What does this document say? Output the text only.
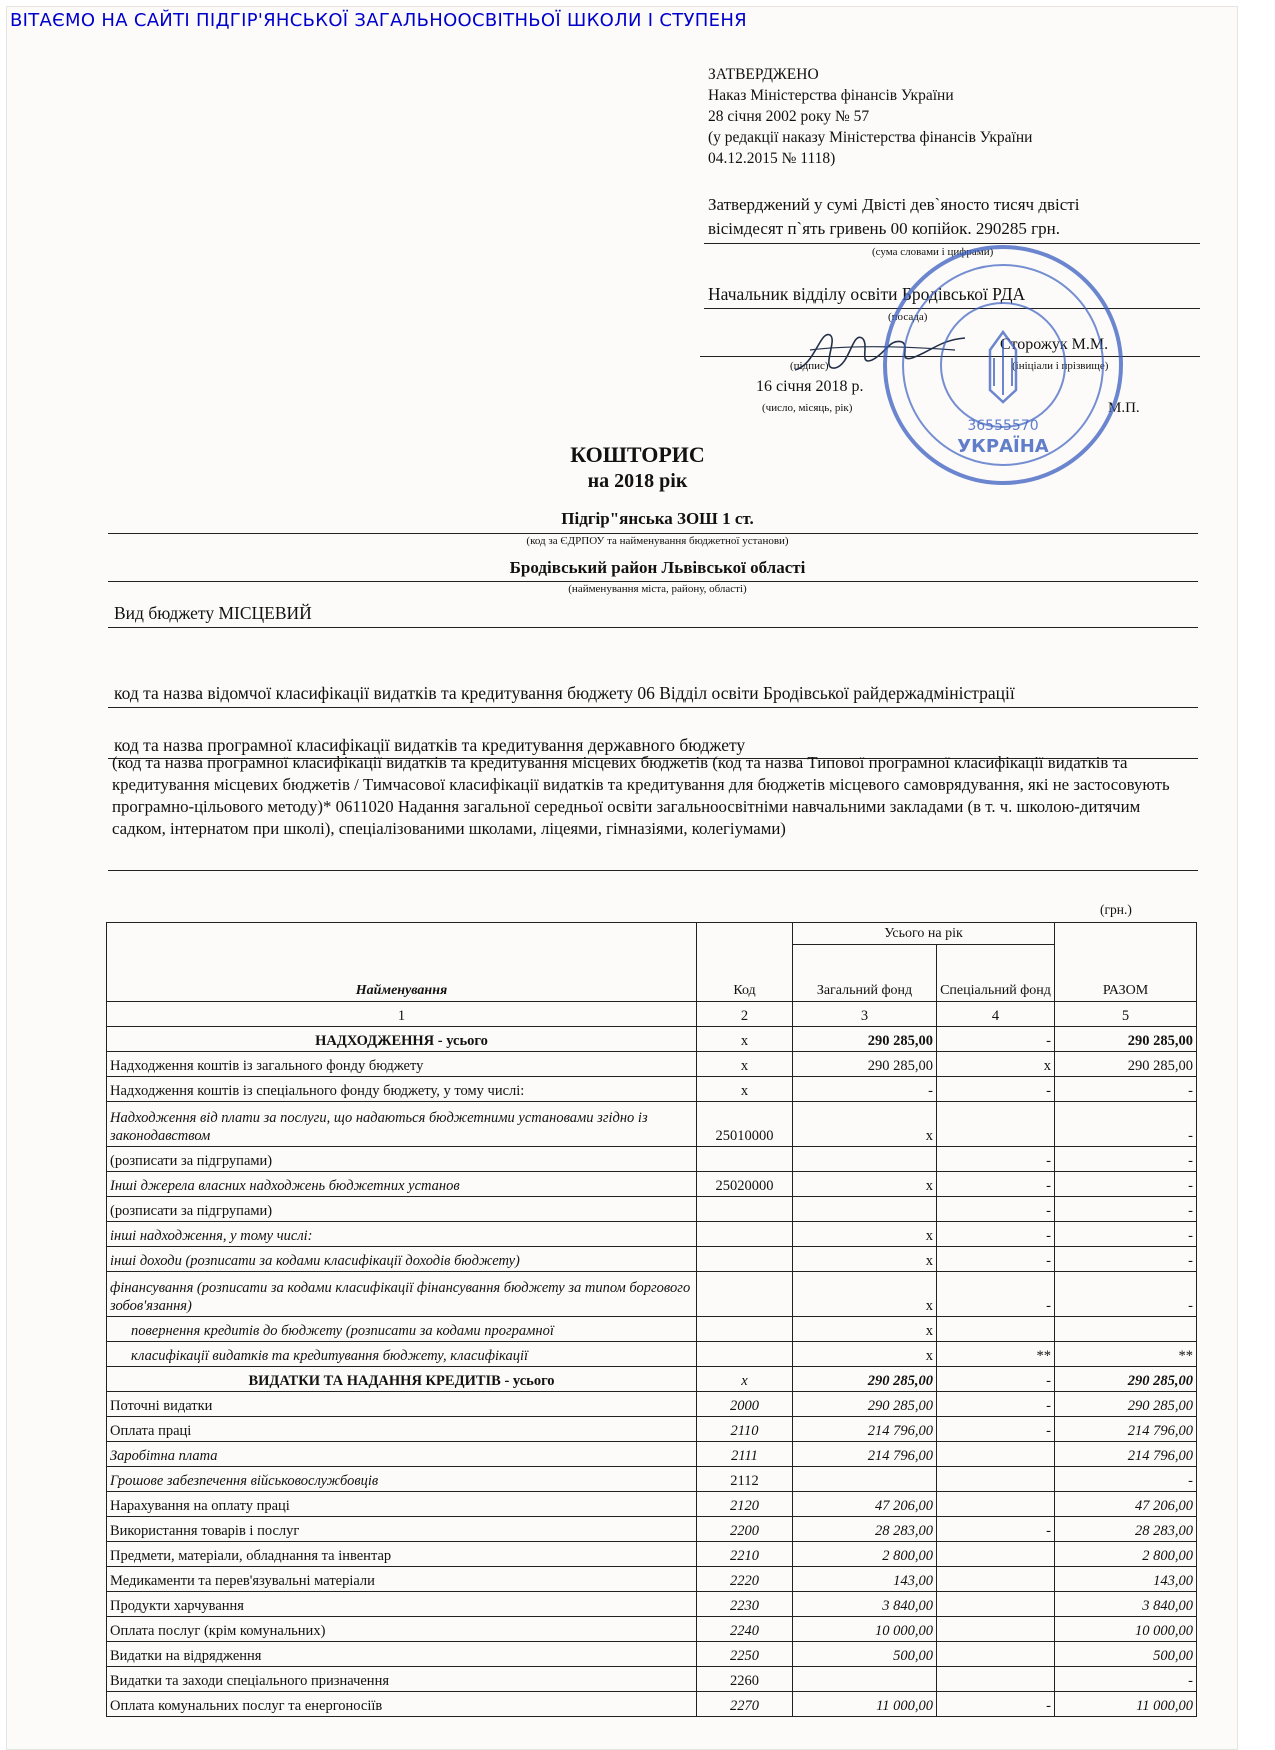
ВІТАЄМО НА САЙТІ ПІДГІР'ЯНСЬКОЇ ЗАГАЛЬНООСВІТНЬОЇ ШКОЛИ І СТУПЕНЯ
ЗАТВЕРДЖЕНО
Наказ Міністерства фінансів України
28 січня 2002 року № 57
(у редакції наказу Міністерства фінансів України
04.12.2015 № 1118)
Затверджений у сумі Двісті дев`яносто тисяч двісті
вісімдесят п`ять гривень 00 копійок. 290285 грн.
(сума словами і цифрами)
Начальник відділу освіти Бродівської РДА
(посада)
Сторожук М.М.
(підпис)	(ініціали і прізвище)
16 січня 2018 р.
(число, місяць, рік)	М.П.
36555570
УКРАЇНА
КОШТОРИС
на 2018 рік
Підгір"янська ЗОШ 1 ст.
(код за ЄДРПОУ та найменування бюджетної установи)
Бродівський район Львівської області
(найменування міста, району, області)
Вид бюджету МІСЦЕВИЙ
код та назва відомчої класифікації видатків та кредитування бюджету 06 Відділ освіти Бродівської райдержадміністрації
код та назва програмної класифікації видатків та кредитування державного бюджету
(код та назва програмної класифікації видатків та кредитування місцевих бюджетів (код та назва Типової програмної класифікації видатків та кредитування місцевих бюджетів / Тимчасової класифікації видатків та кредитування для бюджетів місцевого самоврядування, які не застосовують програмно-цільового методу)* 0611020 Надання загальної середньої освіти загальноосвітніми навчальними закладами (в т. ч. школою-дитячим садком, інтернатом при школі), спеціалізованими школами, ліцеями, гімназіями, колегіумами)
(грн.)
Найменування	Код	Усього на рік		РАЗОМ
		Загальний фонд	Спеціальний фонд	
1	2	3	4	5
НАДХОДЖЕННЯ - усього	х	290 285,00	-	290 285,00
Надходження коштів із загального фонду бюджету	х	290 285,00	х	290 285,00
Надходження коштів із спеціального фонду бюджету, у тому числі:	х	-	-	-
Надходження від плати за послуги, що надаються бюджетними установами згідно із законодавством	25010000	х		-
(розписати за підгрупами)			-	-
Інші джерела власних надходжень бюджетних установ	25020000	х	-	-
(розписати за підгрупами)			-	-
інші надходження, у тому числі:		х	-	-
інші доходи (розписати за кодами класифікації доходів бюджету)		х	-	-
фінансування (розписати за кодами класифікації фінансування бюджету за типом боргового зобов'язання)		х	-	-
повернення кредитів до бюджету (розписати за кодами програмної		х		
класифікації видатків та кредитування бюджету, класифікації		х	**	**
ВИДАТКИ ТА НАДАННЯ КРЕДИТІВ - усього	х	290 285,00	-	290 285,00
Поточні видатки	2000	290 285,00	-	290 285,00
Оплата праці	2110	214 796,00	-	214 796,00
Заробітна плата	2111	214 796,00		214 796,00
Грошове забезпечення військовослужбовців	2112			-
Нарахування на оплату праці	2120	47 206,00		47 206,00
Використання товарів і послуг	2200	28 283,00	-	28 283,00
Предмети, матеріали, обладнання та інвентар	2210	2 800,00		2 800,00
Медикаменти та перев'язувальні матеріали	2220	143,00		143,00
Продукти харчування	2230	3 840,00		3 840,00
Оплата послуг (крім комунальних)	2240	10 000,00		10 000,00
Видатки на відрядження	2250	500,00		500,00
Видатки та заходи спеціального призначення	2260			-
Оплата комунальних послуг та енергоносіїв	2270	11 000,00	-	11 000,00
